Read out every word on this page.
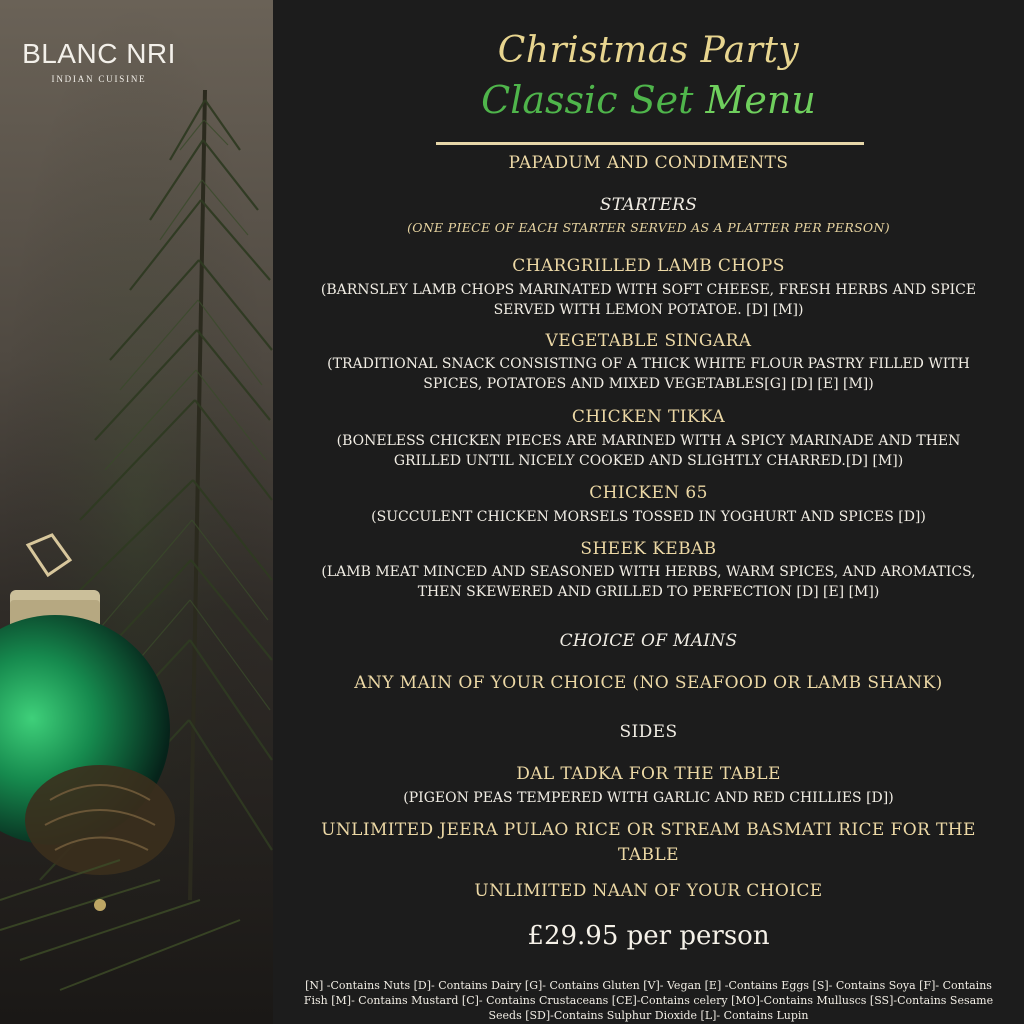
BLANC NRI
INDIAN CUISINE
Christmas Party
Classic Set Menu
PAPADUM AND CONDIMENTS
STARTERS
(ONE PIECE OF EACH STARTER SERVED AS A PLATTER PER PERSON)
CHARGRILLED LAMB CHOPS
(BARNSLEY LAMB CHOPS MARINATED WITH SOFT CHEESE, FRESH HERBS AND SPICE
SERVED WITH LEMON POTATOE. [D] [M])
VEGETABLE SINGARA
(TRADITIONAL SNACK CONSISTING OF A THICK WHITE FLOUR PASTRY FILLED WITH
SPICES, POTATOES AND MIXED VEGETABLES[G] [D] [E] [M])
CHICKEN TIKKA
(BONELESS CHICKEN PIECES ARE MARINED WITH A SPICY MARINADE AND THEN
GRILLED UNTIL NICELY COOKED AND SLIGHTLY CHARRED.[D] [M])
CHICKEN 65
(SUCCULENT CHICKEN MORSELS TOSSED IN YOGHURT AND SPICES [D])
SHEEK KEBAB
(LAMB MEAT MINCED AND SEASONED WITH HERBS, WARM SPICES, AND AROMATICS,
THEN SKEWERED AND GRILLED TO PERFECTION [D] [E] [M])
CHOICE OF MAINS
ANY MAIN OF YOUR CHOICE (NO SEAFOOD OR LAMB SHANK)
SIDES
DAL TADKA FOR THE TABLE
(PIGEON PEAS TEMPERED WITH GARLIC AND RED CHILLIES [D])
UNLIMITED JEERA PULAO RICE OR STREAM BASMATI RICE FOR THE
TABLE
UNLIMITED NAAN OF YOUR CHOICE
£29.95 per person
[N] -Contains Nuts [D]- Contains Dairy [G]- Contains Gluten [V]- Vegan [E] -Contains Eggs [S]- Contains Soya [F]- Contains
Fish [M]- Contains Mustard [C]- Contains Crustaceans [CE]-Contains celery [MO]-Contains Mulluscs [SS]-Contains Sesame
Seeds [SD]-Contains Sulphur Dioxide [L]- Contains Lupin
